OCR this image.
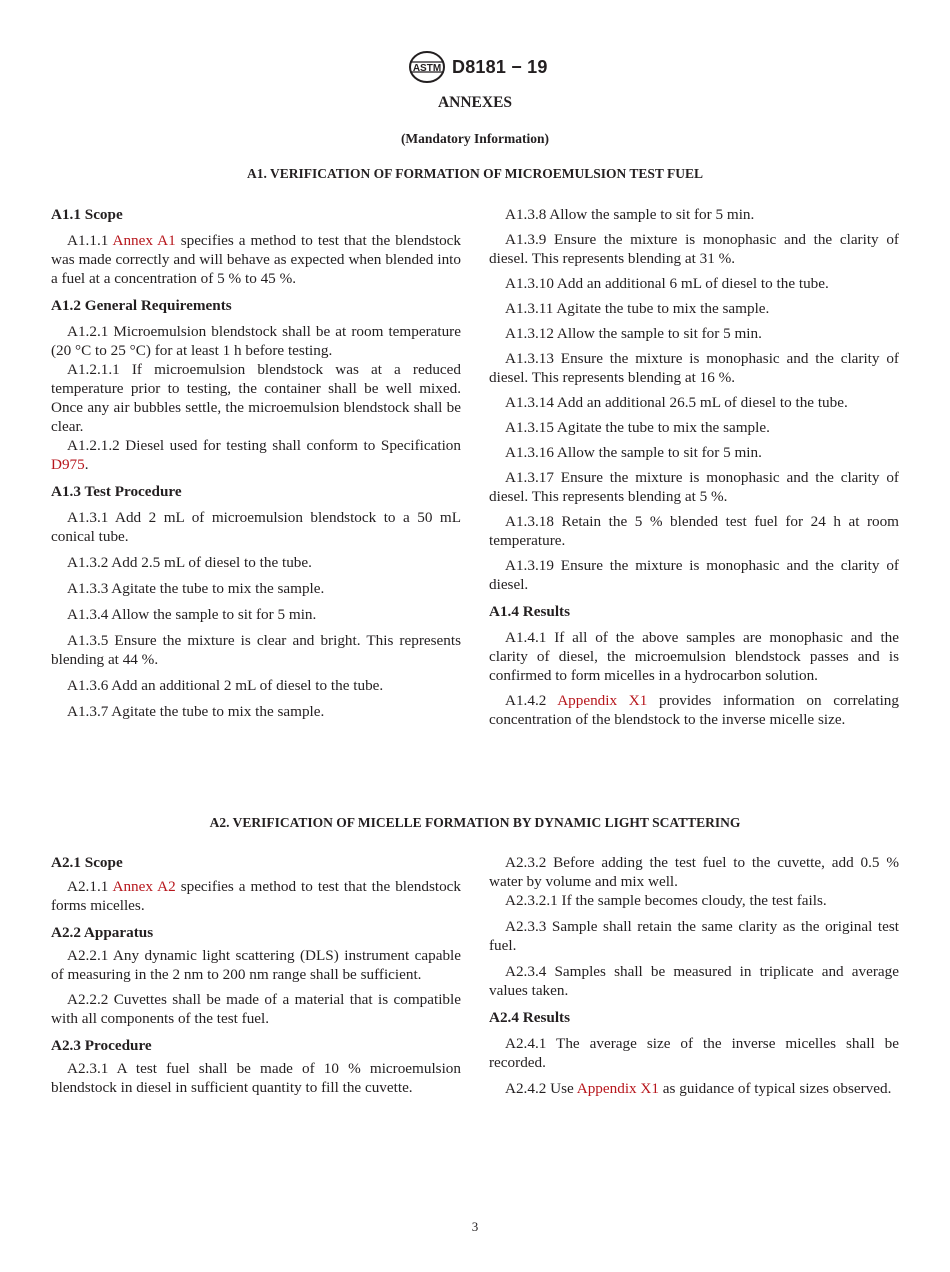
ASTM D8181 − 19
ANNEXES
(Mandatory Information)
A1. VERIFICATION OF FORMATION OF MICROEMULSION TEST FUEL
A1.1 Scope

A1.1.1 Annex A1 specifies a method to test that the blendstock was made correctly and will behave as expected when blended into a fuel at a concentration of 5 % to 45 %.

A1.2 General Requirements

A1.2.1 Microemulsion blendstock shall be at room temperature (20 °C to 25 °C) for at least 1 h before testing.

A1.2.1.1 If microemulsion blendstock was at a reduced temperature prior to testing, the container shall be well mixed. Once any air bubbles settle, the microemulsion blendstock shall be clear.

A1.2.1.2 Diesel used for testing shall conform to Specification D975.

A1.3 Test Procedure

A1.3.1 Add 2 mL of microemulsion blendstock to a 50 mL conical tube.

A1.3.2 Add 2.5 mL of diesel to the tube.

A1.3.3 Agitate the tube to mix the sample.

A1.3.4 Allow the sample to sit for 5 min.

A1.3.5 Ensure the mixture is clear and bright. This represents blending at 44 %.

A1.3.6 Add an additional 2 mL of diesel to the tube.

A1.3.7 Agitate the tube to mix the sample.

A1.3.8 Allow the sample to sit for 5 min.

A1.3.9 Ensure the mixture is monophasic and the clarity of diesel. This represents blending at 31 %.

A1.3.10 Add an additional 6 mL of diesel to the tube.

A1.3.11 Agitate the tube to mix the sample.

A1.3.12 Allow the sample to sit for 5 min.

A1.3.13 Ensure the mixture is monophasic and the clarity of diesel. This represents blending at 16 %.

A1.3.14 Add an additional 26.5 mL of diesel to the tube.

A1.3.15 Agitate the tube to mix the sample.

A1.3.16 Allow the sample to sit for 5 min.

A1.3.17 Ensure the mixture is monophasic and the clarity of diesel. This represents blending at 5 %.

A1.3.18 Retain the 5 % blended test fuel for 24 h at room temperature.

A1.3.19 Ensure the mixture is monophasic and the clarity of diesel.

A1.4 Results

A1.4.1 If all of the above samples are monophasic and the clarity of diesel, the microemulsion blendstock passes and is confirmed to form micelles in a hydrocarbon solution.

A1.4.2 Appendix X1 provides information on correlating concentration of the blendstock to the inverse micelle size.

A2. VERIFICATION OF MICELLE FORMATION BY DYNAMIC LIGHT SCATTERING
A2.1 Scope

A2.1.1 Annex A2 specifies a method to test that the blendstock forms micelles.

A2.2 Apparatus

A2.2.1 Any dynamic light scattering (DLS) instrument capable of measuring in the 2 nm to 200 nm range shall be sufficient.

A2.2.2 Cuvettes shall be made of a material that is compatible with all components of the test fuel.

A2.3 Procedure

A2.3.1 A test fuel shall be made of 10 % microemulsion blendstock in diesel in sufficient quantity to fill the cuvette.

A2.3.2 Before adding the test fuel to the cuvette, add 0.5 % water by volume and mix well.

A2.3.2.1 If the sample becomes cloudy, the test fails.

A2.3.3 Sample shall retain the same clarity as the original test fuel.

A2.3.4 Samples shall be measured in triplicate and average values taken.

A2.4 Results

A2.4.1 The average size of the inverse micelles shall be recorded.

A2.4.2 Use Appendix X1 as guidance of typical sizes observed.

3
